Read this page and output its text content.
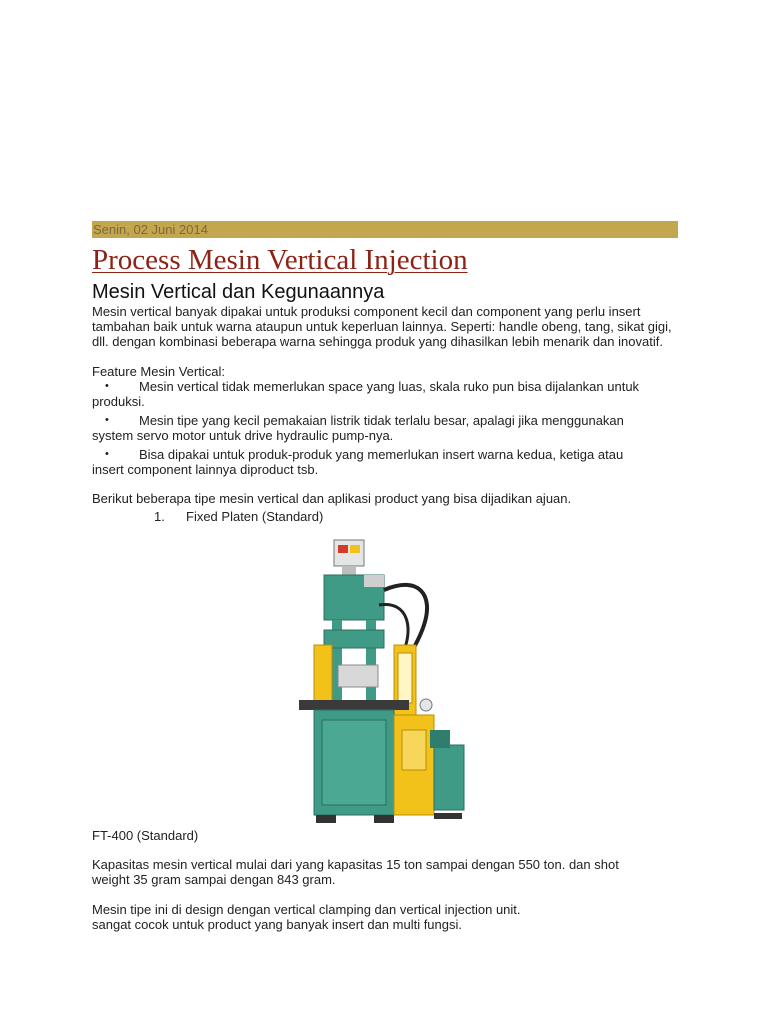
Senin, 02 Juni 2014
Process Mesin Vertical Injection
Mesin Vertical dan Kegunaannya

Mesin vertical banyak dipakai untuk produksi component kecil dan component yang perlu insert tambahan baik untuk warna ataupun untuk keperluan lainnya. Seperti: handle obeng, tang, sikat gigi, dll. dengan kombinasi beberapa warna sehingga produk yang dihasilkan lebih menarik dan inovatif.

Feature Mesin Vertical:

•	Mesin vertical tidak memerlukan space yang luas, skala ruko pun bisa dijalankan untuk
produksi.
•	Mesin tipe yang kecil pemakaian listrik tidak terlalu besar, apalagi jika menggunakan
system servo motor untuk drive hydraulic pump-nya.
•	Bisa dipakai untuk produk-produk yang memerlukan insert warna kedua, ketiga atau
insert component lainnya diproduct tsb.

Berikut beberapa tipe mesin vertical dan aplikasi product yang bisa dijadikan ajuan.

1.	Fixed Platen (Standard)

FT-400 (Standard)

Kapasitas mesin vertical mulai dari yang kapasitas 15 ton sampai dengan 550 ton. dan shot weight 35 gram sampai dengan 843 gram.

Mesin tipe ini di design dengan vertical clamping dan vertical injection unit.
sangat cocok untuk product yang banyak insert dan multi fungsi.
